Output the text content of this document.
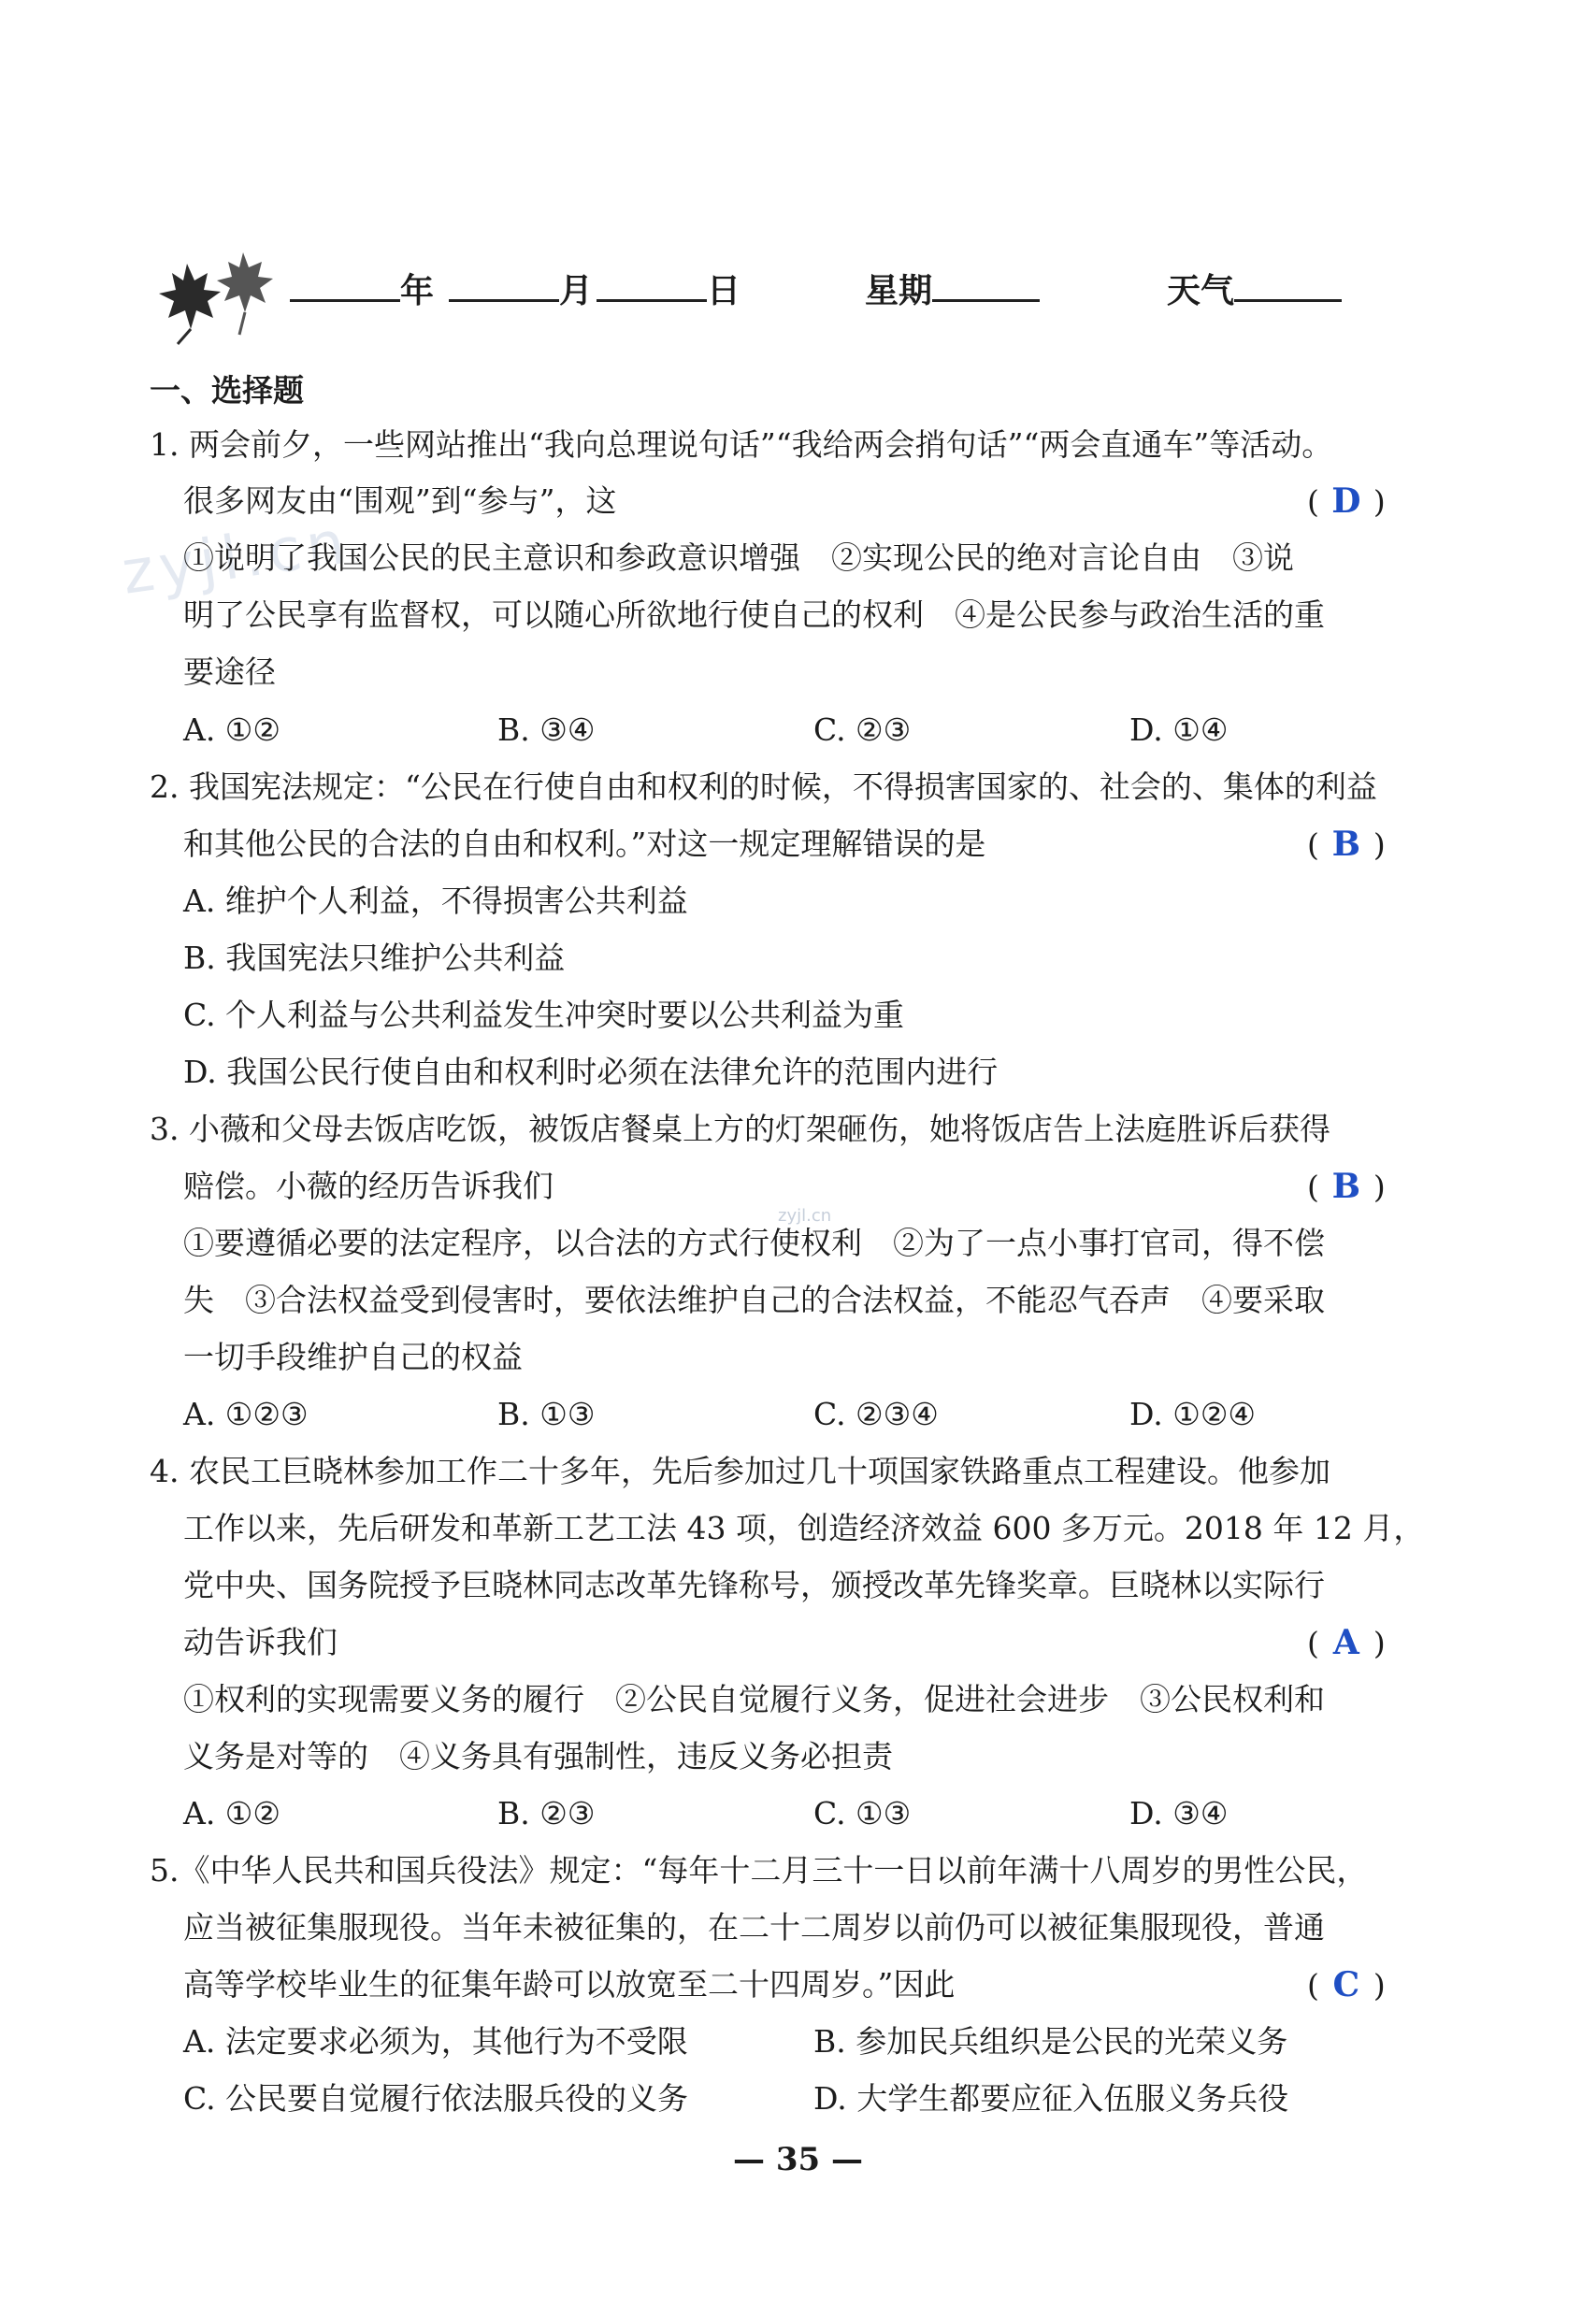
年	月	日	星期	天气
一、选择题
zyjl.cn
zyjl.cn
1. 两会前夕，一些网站推出“我向总理说句话”“我给两会捎句话”“两会直通车”等活动。
很多网友由“围观”到“参与”，这	( D )
①说明了我国公民的民主意识和参政意识增强　②实现公民的绝对言论自由　③说
明了公民享有监督权，可以随心所欲地行使自己的权利　④是公民参与政治生活的重
要途径
A. ①②	B. ③④	C. ②③	D. ①④
2. 我国宪法规定：“公民在行使自由和权利的时候，不得损害国家的、社会的、集体的利益
和其他公民的合法的自由和权利。”对这一规定理解错误的是	( B )
A. 维护个人利益，不得损害公共利益
B. 我国宪法只维护公共利益
C. 个人利益与公共利益发生冲突时要以公共利益为重
D. 我国公民行使自由和权利时必须在法律允许的范围内进行
3. 小薇和父母去饭店吃饭，被饭店餐桌上方的灯架砸伤，她将饭店告上法庭胜诉后获得
赔偿。小薇的经历告诉我们	( B )
①要遵循必要的法定程序，以合法的方式行使权利　②为了一点小事打官司，得不偿
失　③合法权益受到侵害时，要依法维护自己的合法权益，不能忍气吞声　④要采取
一切手段维护自己的权益
A. ①②③	B. ①③	C. ②③④	D. ①②④
4. 农民工巨晓林参加工作二十多年，先后参加过几十项国家铁路重点工程建设。他参加
工作以来，先后研发和革新工艺工法 43 项，创造经济效益 600 多万元。2018 年 12 月，
党中央、国务院授予巨晓林同志改革先锋称号，颁授改革先锋奖章。巨晓林以实际行
动告诉我们	( A )
①权利的实现需要义务的履行　②公民自觉履行义务，促进社会进步　③公民权利和
义务是对等的　④义务具有强制性，违反义务必担责
A. ①②	B. ②③	C. ①③	D. ③④
5.《中华人民共和国兵役法》规定：“每年十二月三十一日以前年满十八周岁的男性公民，
应当被征集服现役。当年未被征集的，在二十二周岁以前仍可以被征集服现役，普通
高等学校毕业生的征集年龄可以放宽至二十四周岁。”因此	( C )
A. 法定要求必须为，其他行为不受限	B. 参加民兵组织是公民的光荣义务
C. 公民要自觉履行依法服兵役的义务	D. 大学生都要应征入伍服义务兵役
— 35 —
